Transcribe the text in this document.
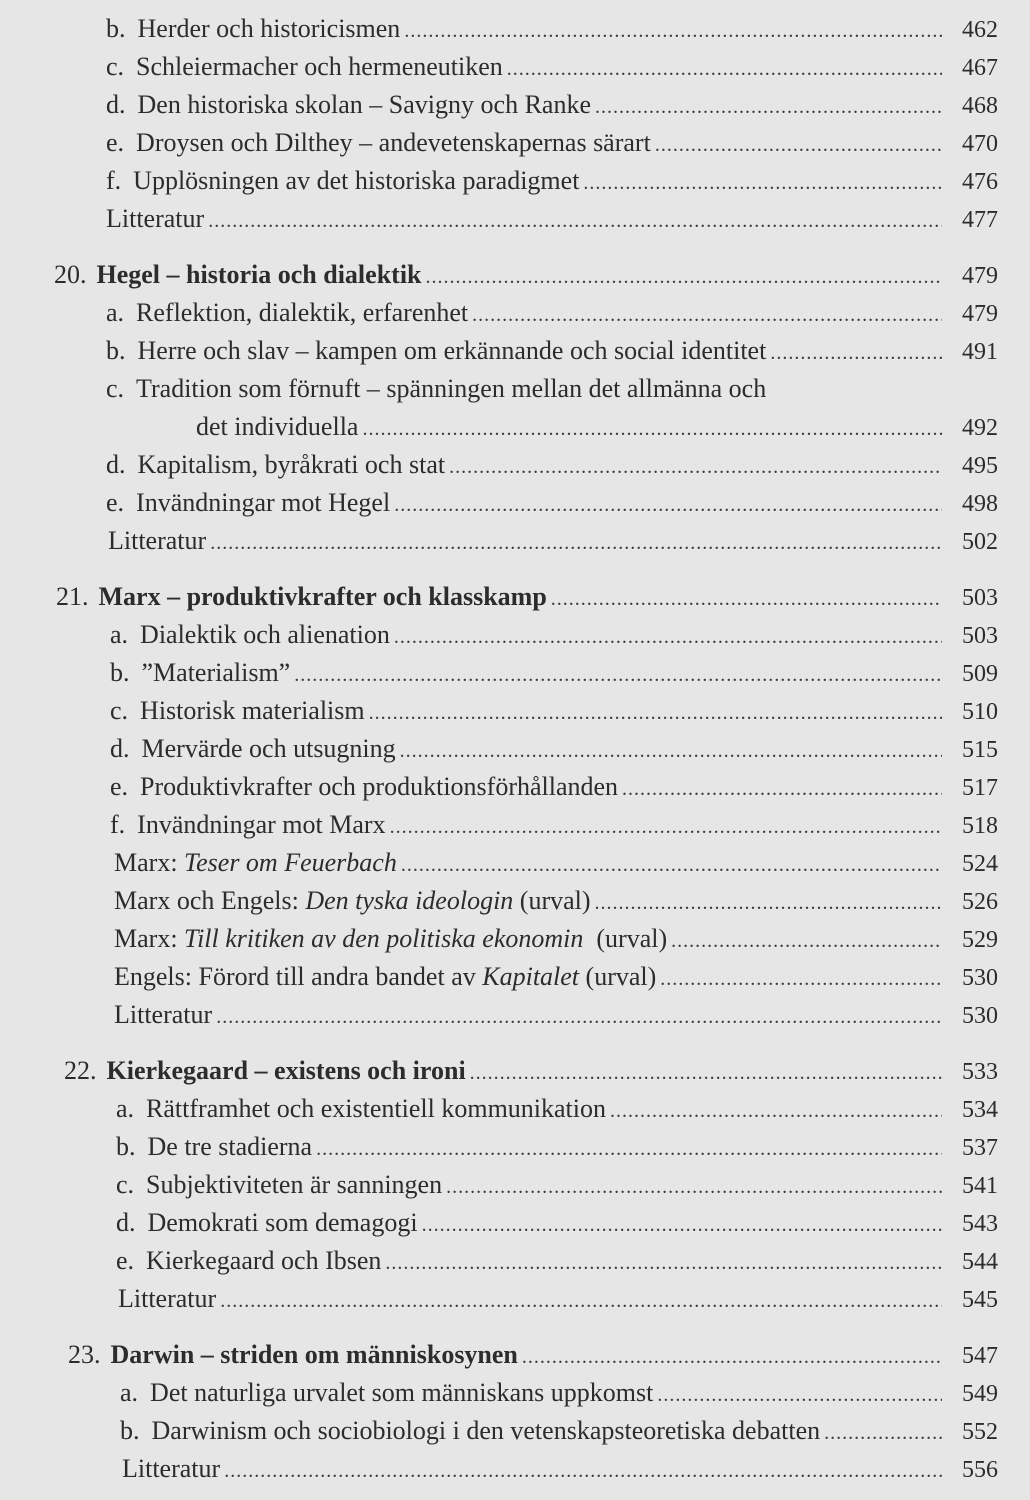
b. Herder och historicismen .....	462
c. Schleiermacher och hermeneutiken .....	467
d. Den historiska skolan – Savigny och Ranke .....	468
e. Droysen och Dilthey – andevetenskapernas särart .....	470
f. Upplösningen av det historiska paradigmet .....	476
Litteratur .....	477
20. Hegel – historia och dialektik .....	479
a. Reflektion, dialektik, erfarenhet .....	479
b. Herre och slav – kampen om erkännande och social identitet .....	491
c. Tradition som förnuft – spänningen mellan det allmänna och
det individuella .....	492
d. Kapitalism, byråkrati och stat .....	495
e. Invändningar mot Hegel .....	498
Litteratur .....	502
21. Marx – produktivkrafter och klasskamp .....	503
a. Dialektik och alienation .....	503
b. ”Materialism” .....	509
c. Historisk materialism .....	510
d. Mervärde och utsugning .....	515
e. Produktivkrafter och produktionsförhållanden .....	517
f. Invändningar mot Marx .....	518
Marx: Teser om Feuerbach .....	524
Marx och Engels: Den tyska ideologin (urval) .....	526
Marx: Till kritiken av den politiska ekonomin  (urval) .....	529
Engels: Förord till andra bandet av Kapitalet (urval) .....	530
Litteratur .....	530
22. Kierkegaard – existens och ironi .....	533
a. Rättframhet och existentiell kommunikation .....	534
b. De tre stadierna .....	537
c. Subjektiviteten är sanningen .....	541
d. Demokrati som demagogi .....	543
e. Kierkegaard och Ibsen .....	544
Litteratur .....	545
23. Darwin – striden om människosynen .....	547
a. Det naturliga urvalet som människans uppkomst .....	549
b. Darwinism och sociobiologi i den vetenskapsteoretiska debatten .....	552
Litteratur .....	556
